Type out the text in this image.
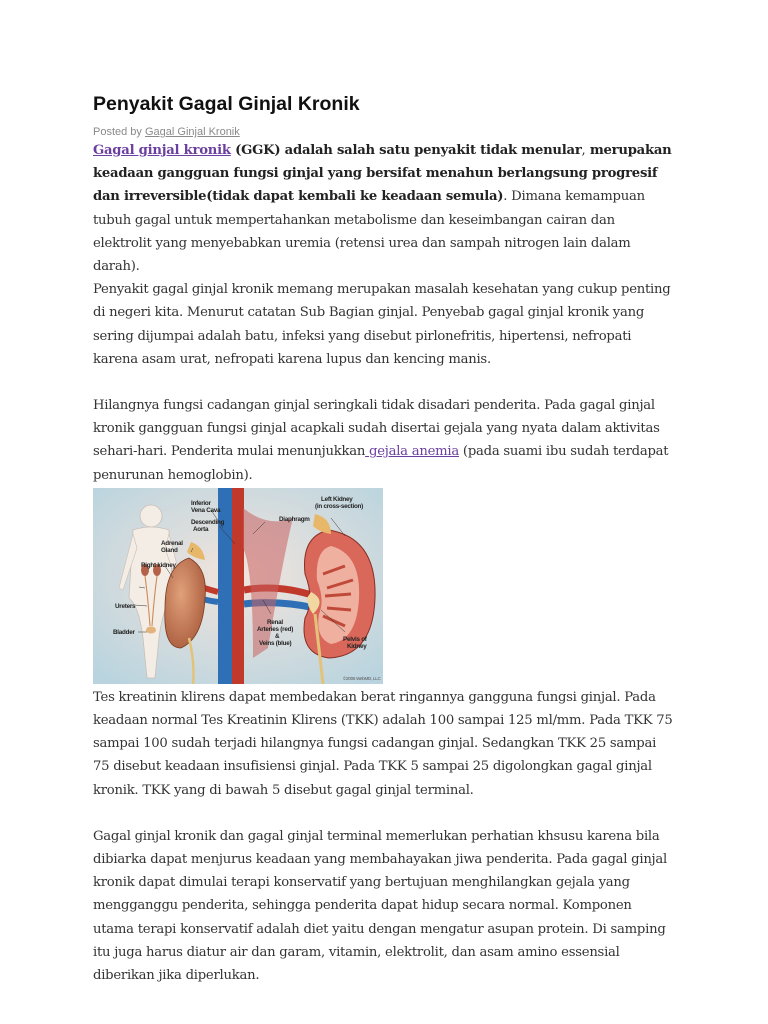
Penyakit Gagal Ginjal Kronik
Posted by Gagal Ginjal Kronik

Gagal ginjal kronik (GGK) adalah salah satu penyakit tidak menular, merupakan keadaan gangguan fungsi ginjal yang bersifat menahun berlangsung progresif dan irreversible(tidak dapat kembali ke keadaan semula). Dimana kemampuan tubuh gagal untuk mempertahankan metabolisme dan keseimbangan cairan dan elektrolit yang menyebabkan uremia (retensi urea dan sampah nitrogen lain dalam darah).

Penyakit gagal ginjal kronik memang merupakan masalah kesehatan yang cukup penting di negeri kita. Menurut catatan Sub Bagian ginjal. Penyebab gagal ginjal kronik yang sering dijumpai adalah batu, infeksi yang disebut pirlonefritis, hipertensi, nefropati karena asam urat, nefropati karena lupus dan kencing manis.

Hilangnya fungsi cadangan ginjal seringkali tidak disadari penderita. Pada gagal ginjal kronik gangguan fungsi ginjal acapkali sudah disertai gejala yang nyata dalam aktivitas sehari-hari. Penderita mulai menunjukkan gejala anemia (pada suami ibu sudah terdapat penurunan hemoglobin).

Inferior
Vena Cava
Descending
Aorta
Adrenal
Gland
Right kidney
Ureters
Bladder
Left Kidney
(in cross-section)
Diaphragm
Renal
Arteries (red)
&
Veins (blue)
Pelvis of
Kidney
©2005 WebMD, LLC

Tes kreatinin klirens dapat membedakan berat ringannya gangguna fungsi ginjal. Pada keadaan normal Tes Kreatinin Klirens (TKK) adalah 100 sampai 125 ml/mm. Pada TKK 75 sampai 100 sudah terjadi hilangnya fungsi cadangan ginjal. Sedangkan TKK 25 sampai 75 disebut keadaan insufisiensi ginjal. Pada TKK 5 sampai 25 digolongkan gagal ginjal kronik. TKK yang di bawah 5 disebut gagal ginjal terminal.

Gagal ginjal kronik dan gagal ginjal terminal memerlukan perhatian khsusu karena bila dibiarka dapat menjurus keadaan yang membahayakan jiwa penderita. Pada gagal ginjal kronik dapat dimulai terapi konservatif yang bertujuan menghilangkan gejala yang mengganggu penderita, sehingga penderita dapat hidup secara normal. Komponen utama terapi konservatif adalah diet yaitu dengan mengatur asupan protein. Di samping itu juga harus diatur air dan garam, vitamin, elektrolit, dan asam amino essensial diberikan jika diperlukan.
